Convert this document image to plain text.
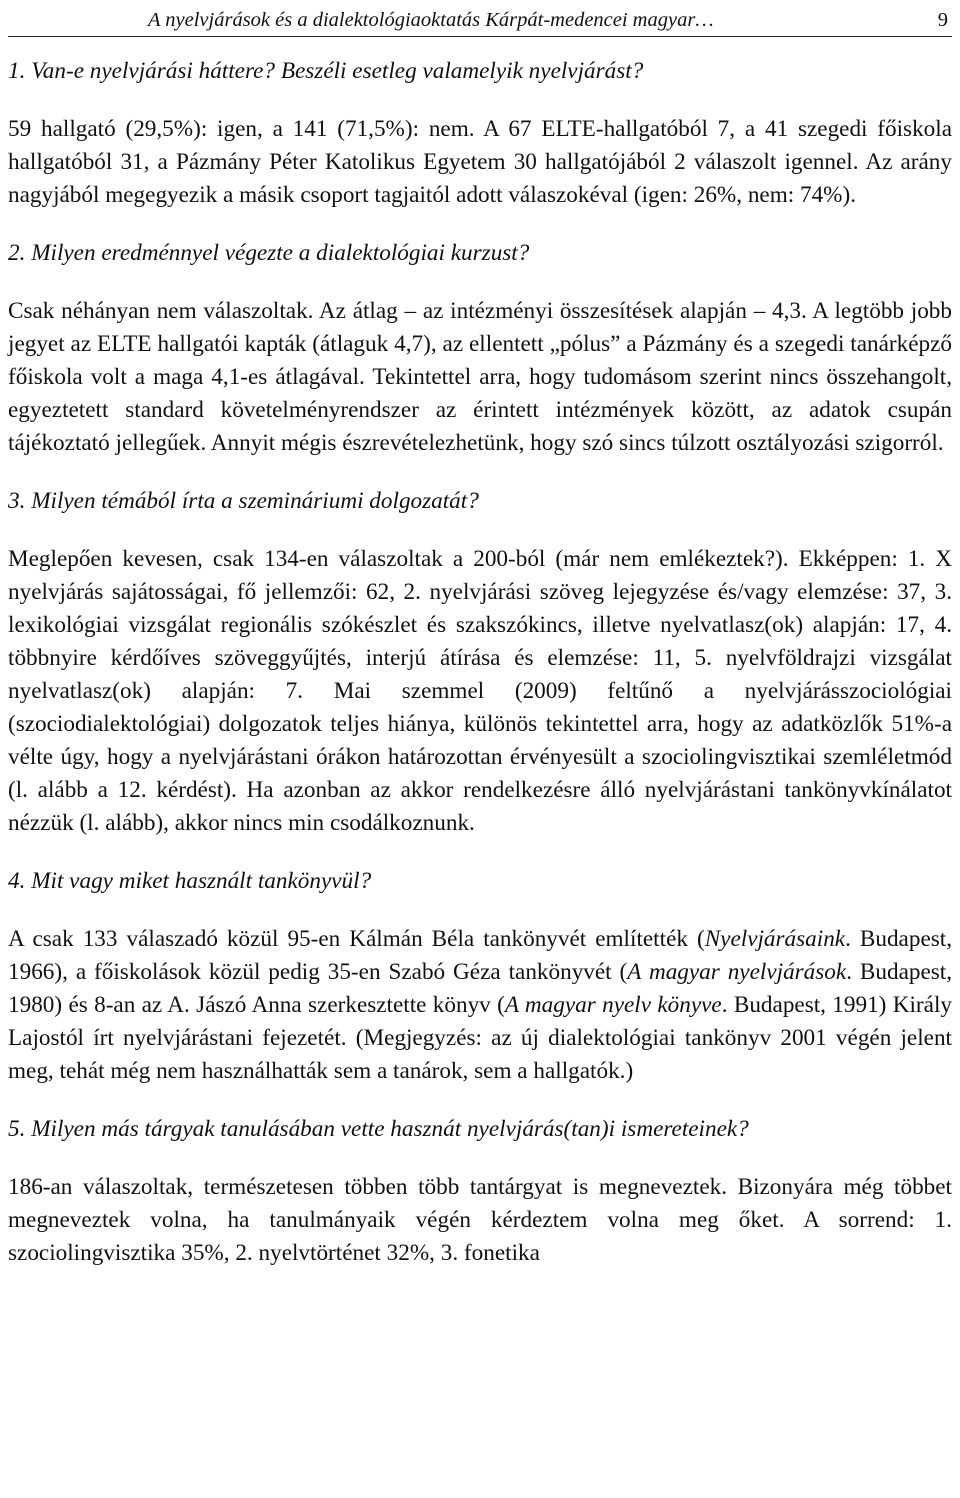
A nyelvjárások és a dialektológiaoktatás Kárpát-medencei magyar…	9

1. Van-e nyelvjárási háttere? Beszéli esetleg valamelyik nyelvjárást?

59 hallgató (29,5%): igen, a 141 (71,5%): nem. A 67 ELTE-hallgatóból 7, a 41 szegedi főiskola hallgatóból 31, a Pázmány Péter Katolikus Egyetem 30 hallgatójából 2 válaszolt igennel. Az arány nagyjából megegyezik a másik csoport tagjaitól adott válaszokéval (igen: 26%, nem: 74%).

2. Milyen eredménnyel végezte a dialektológiai kurzust?

Csak néhányan nem válaszoltak. Az átlag – az intézményi összesítések alapján – 4,3. A legtöbb jobb jegyet az ELTE hallgatói kapták (átlaguk 4,7), az ellentett „pólus” a Pázmány és a szegedi tanárképző főiskola volt a maga 4,1-es átlagával. Tekintettel arra, hogy tudomásom szerint nincs összehangolt, egyeztetett standard követelményrendszer az érintett intézmények között, az adatok csupán tájékoztató jellegűek. Annyit mégis észrevételezhetünk, hogy szó sincs túlzott osztályozási szigorról.

3. Milyen témából írta a szemináriumi dolgozatát?

Meglepően kevesen, csak 134-en válaszoltak a 200-ból (már nem emlékeztek?). Ekképpen: 1. X nyelvjárás sajátosságai, fő jellemzői: 62, 2. nyelvjárási szöveg lejegyzése és/vagy elemzése: 37, 3. lexikológiai vizsgálat regionális szókészlet és szakszókincs, illetve nyelvatlasz(ok) alapján: 17, 4. többnyire kérdőíves szöveggyűjtés, interjú átírása és elemzése: 11, 5. nyelvföldrajzi vizsgálat nyelvatlasz(ok) alapján: 7. Mai szemmel (2009) feltűnő a nyelvjárásszociológiai (szociodialektológiai) dolgozatok teljes hiánya, különös tekintettel arra, hogy az adatközlők 51%-a vélte úgy, hogy a nyelvjárástani órákon határozottan érvényesült a szociolingvisztikai szemléletmód (l. alább a 12. kérdést). Ha azonban az akkor rendelkezésre álló nyelvjárástani tankönyvkínálatot nézzük (l. alább), akkor nincs min csodálkoznunk.

4. Mit vagy miket használt tankönyvül?

A csak 133 válaszadó közül 95-en Kálmán Béla tankönyvét említették (Nyelvjárásaink. Budapest, 1966), a főiskolások közül pedig 35-en Szabó Géza tankönyvét (A magyar nyelvjárások. Budapest, 1980) és 8-an az A. Jászó Anna szerkesztette könyv (A magyar nyelv könyve. Budapest, 1991) Király Lajostól írt nyelvjárástani fejezetét. (Megjegyzés: az új dialektológiai tankönyv 2001 végén jelent meg, tehát még nem használhatták sem a tanárok, sem a hallgatók.)

5. Milyen más tárgyak tanulásában vette hasznát nyelvjárás(tan)i ismereteinek?

186-an válaszoltak, természetesen többen több tantárgyat is megneveztek. Bizonyára még többet megneveztek volna, ha tanulmányaik végén kérdeztem volna meg őket. A sorrend: 1. szociolingvisztika 35%, 2. nyelvtörténet 32%, 3. fonetika
